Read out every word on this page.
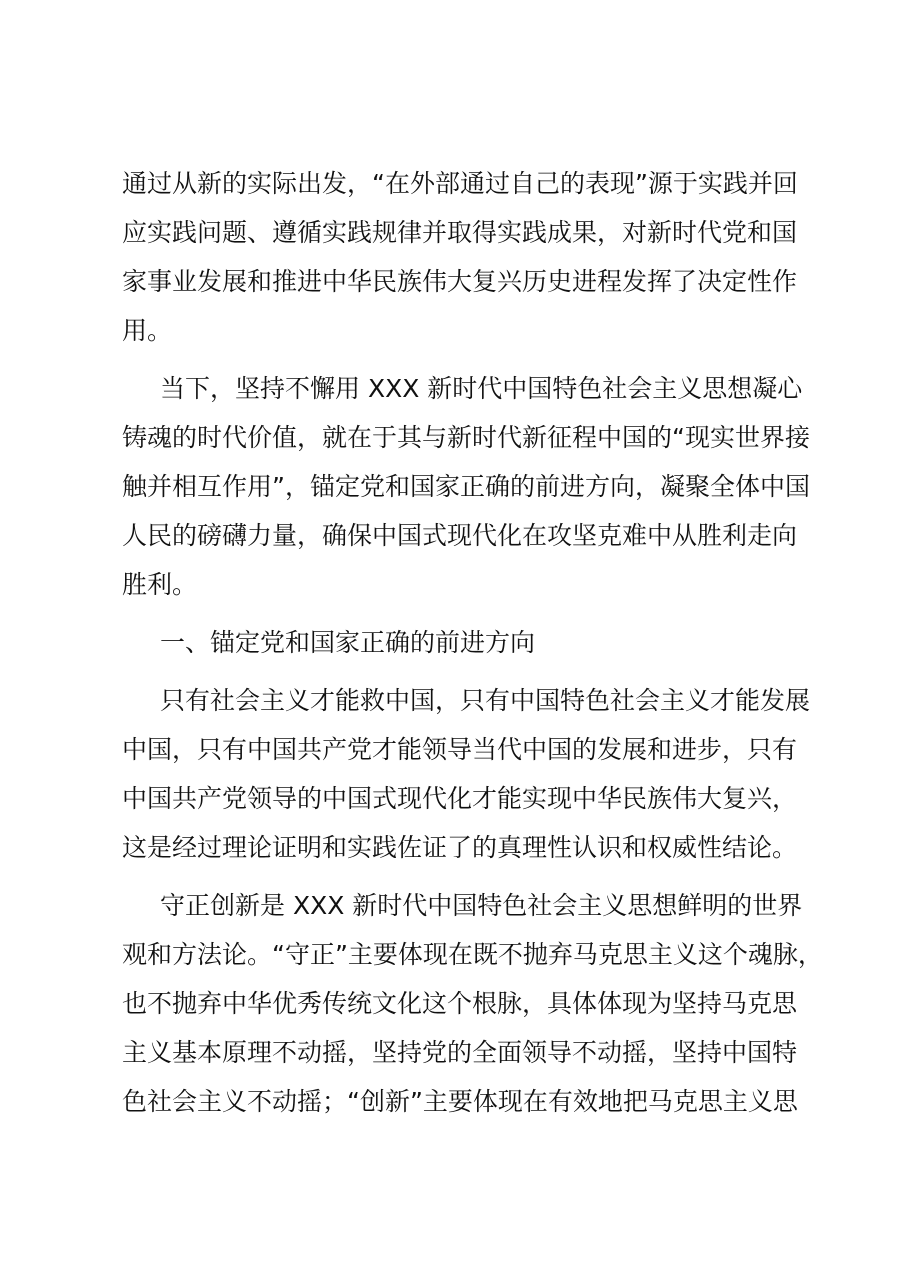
通过从新的实际出发，“在外部通过自己的表现”源于实践并回
应实践问题、遵循实践规律并取得实践成果，对新时代党和国
家事业发展和推进中华民族伟大复兴历史进程发挥了决定性作
用。

当下，坚持不懈用 XXX 新时代中国特色社会主义思想凝心
铸魂的时代价值，就在于其与新时代新征程中国的“现实世界接
触并相互作用”，锚定党和国家正确的前进方向，凝聚全体中国
人民的磅礴力量，确保中国式现代化在攻坚克难中从胜利走向
胜利。

一、锚定党和国家正确的前进方向

只有社会主义才能救中国，只有中国特色社会主义才能发展
中国，只有中国共产党才能领导当代中国的发展和进步，只有
中国共产党领导的中国式现代化才能实现中华民族伟大复兴，
这是经过理论证明和实践佐证了的真理性认识和权威性结论。

守正创新是 XXX 新时代中国特色社会主义思想鲜明的世界
观和方法论。“守正”主要体现在既不抛弃马克思主义这个魂脉，
也不抛弃中华优秀传统文化这个根脉，具体体现为坚持马克思
主义基本原理不动摇，坚持党的全面领导不动摇，坚持中国特
色社会主义不动摇；“创新”主要体现在有效地把马克思主义思
